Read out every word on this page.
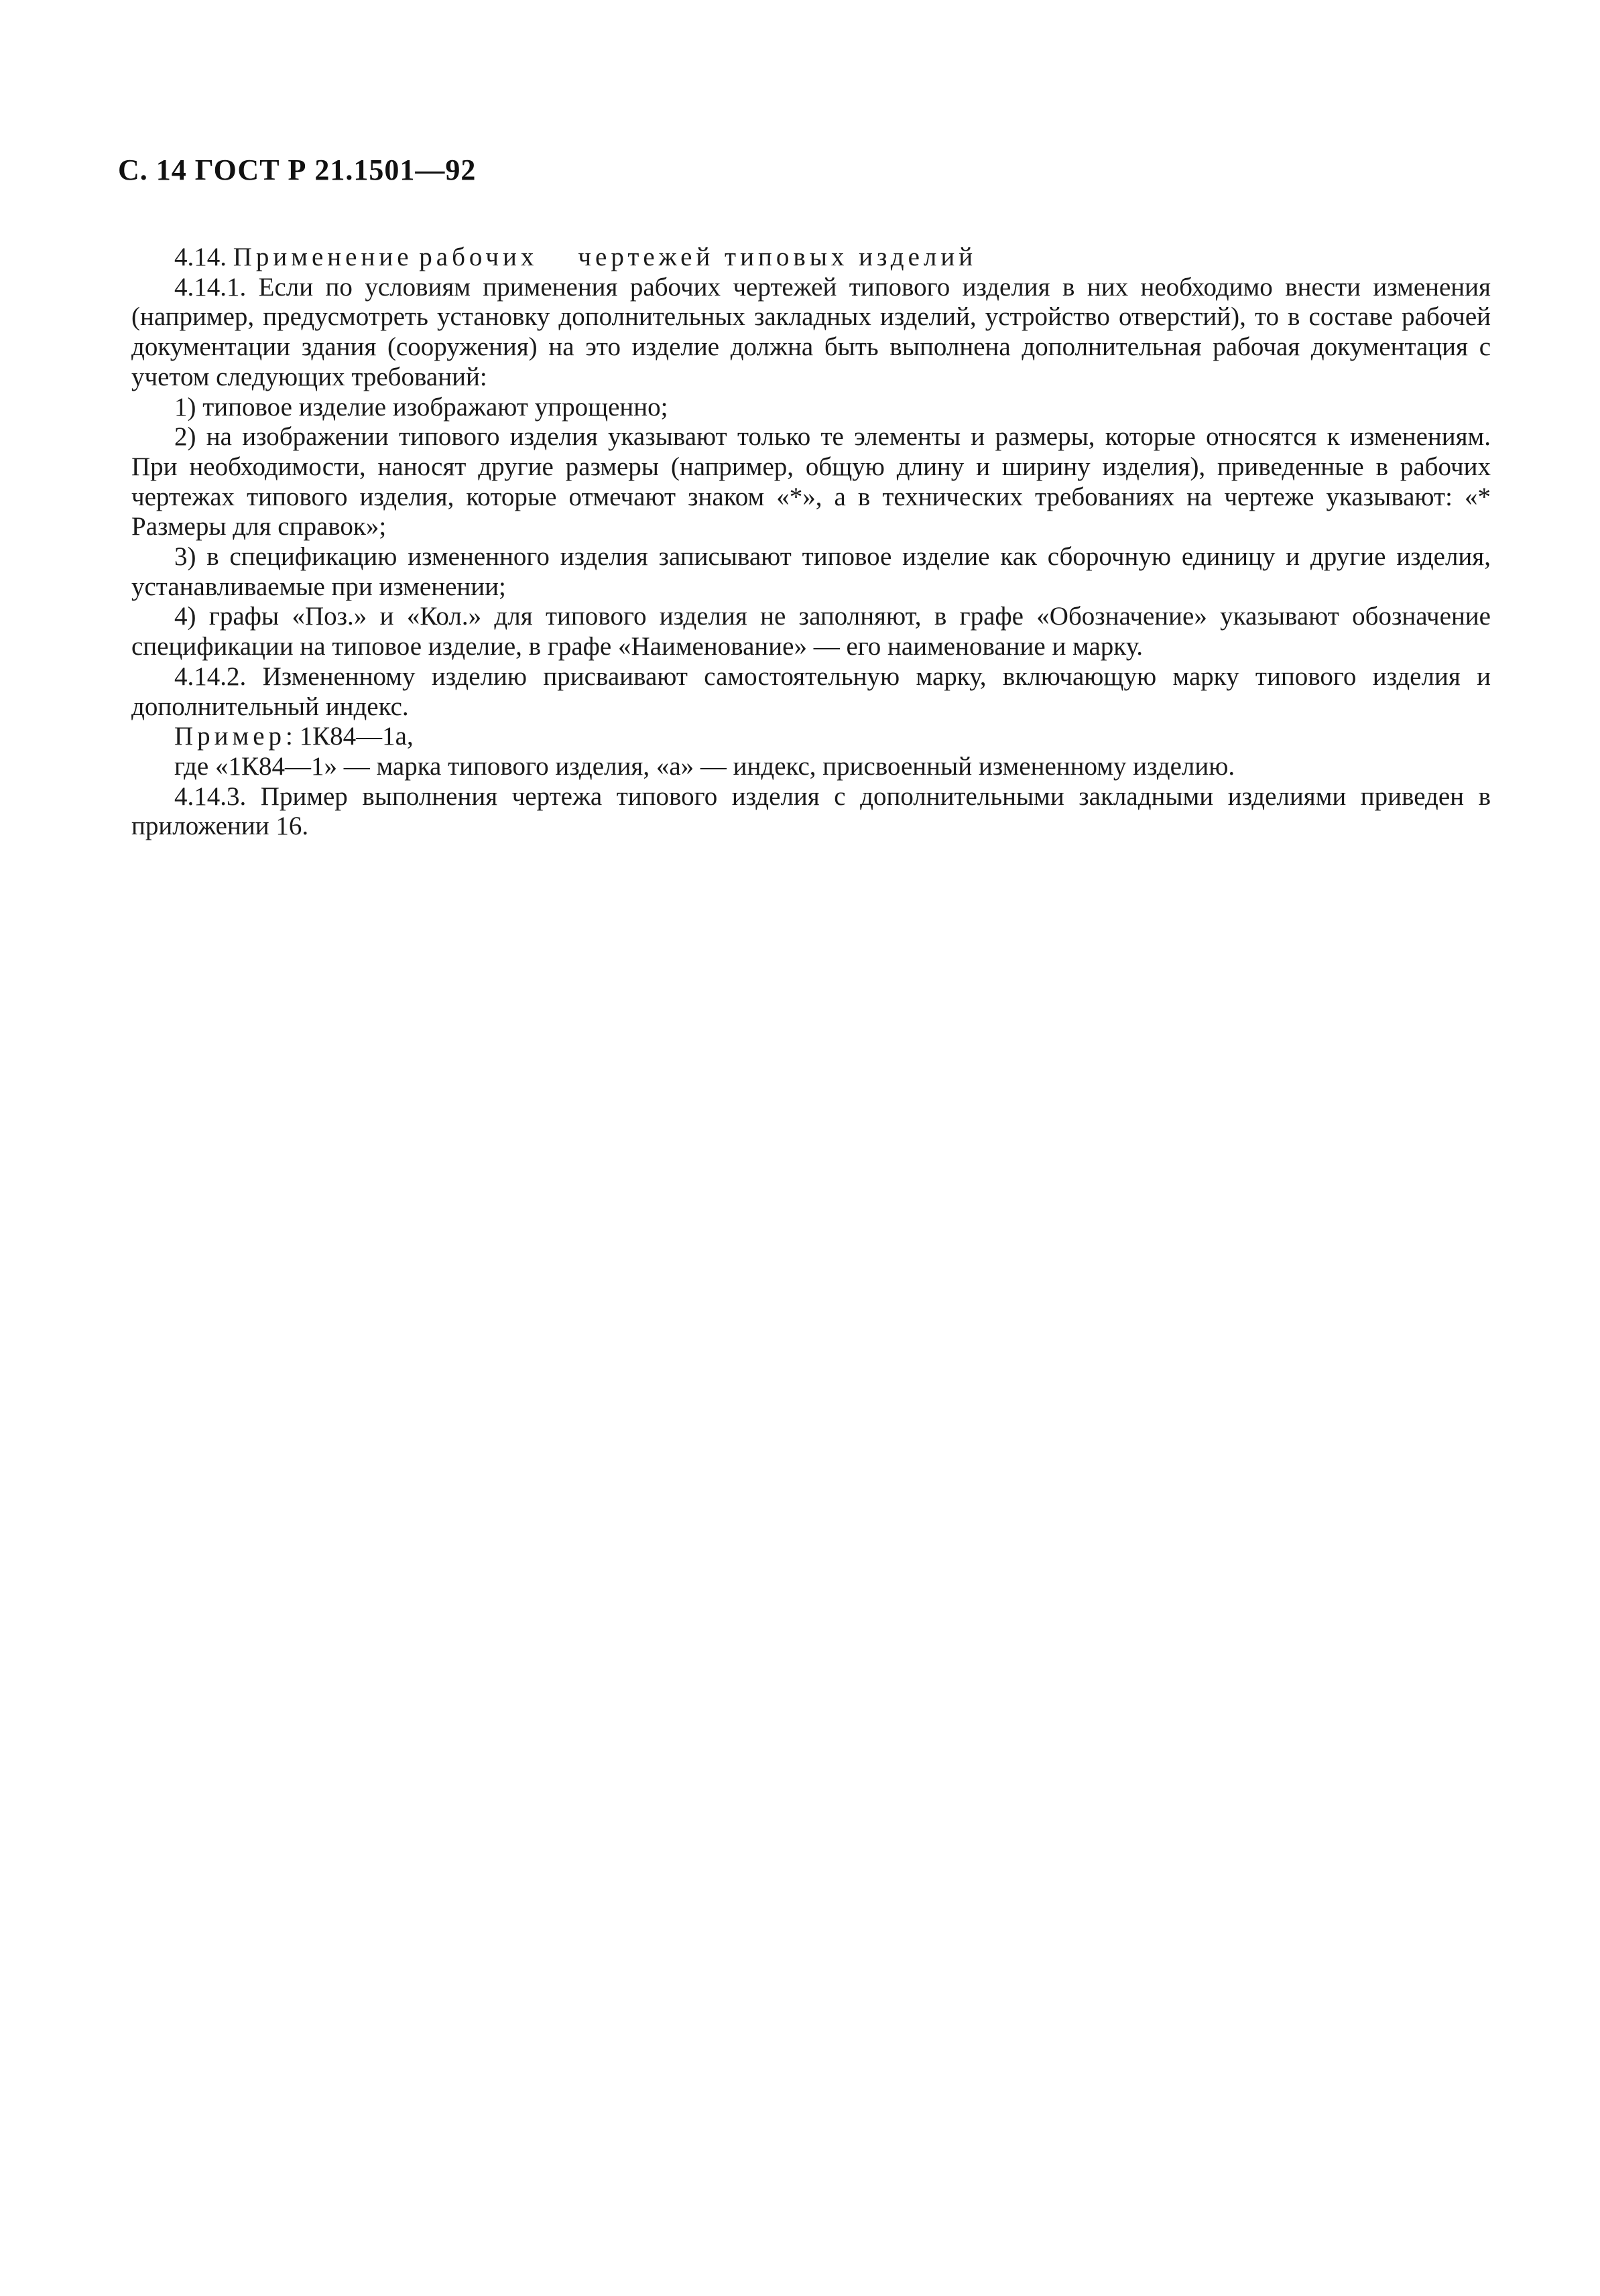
С. 14 ГОСТ Р 21.1501—92

4.14. Применение рабочих чертежей типовых изделий

4.14.1. Если по условиям применения рабочих чертежей типового изделия в них необходимо внести изменения (например, предусмотреть установку дополнительных закладных изделий, устройство отверстий), то в составе рабочей документации здания (сооружения) на это изделие должна быть выполнена дополнительная рабочая документация с учетом следующих требований:

1) типовое изделие изображают упрощенно;

2) на изображении типового изделия указывают только те элементы и размеры, которые относятся к изменениям. При необходимости, наносят другие размеры (например, общую длину и ширину изделия), приведенные в рабочих чертежах типового изделия, которые отмечают знаком «*», а в технических требованиях на чертеже указывают: «* Размеры для справок»;

3) в спецификацию измененного изделия записывают типовое изделие как сборочную единицу и другие изделия, устанавливаемые при изменении;

4) графы «Поз.» и «Кол.» для типового изделия не заполняют, в графе «Обозначение» указывают обозначение спецификации на типовое изделие, в графе «Наименование» — его наименование и марку.

4.14.2. Измененному изделию присваивают самостоятельную марку, включающую марку типового изделия и дополнительный индекс.

Пример: 1К84—1а,

где «1К84—1» — марка типового изделия, «а» — индекс, присвоенный измененному изделию.

4.14.3. Пример выполнения чертежа типового изделия с дополнительными закладными изделиями приведен в приложении 16.
